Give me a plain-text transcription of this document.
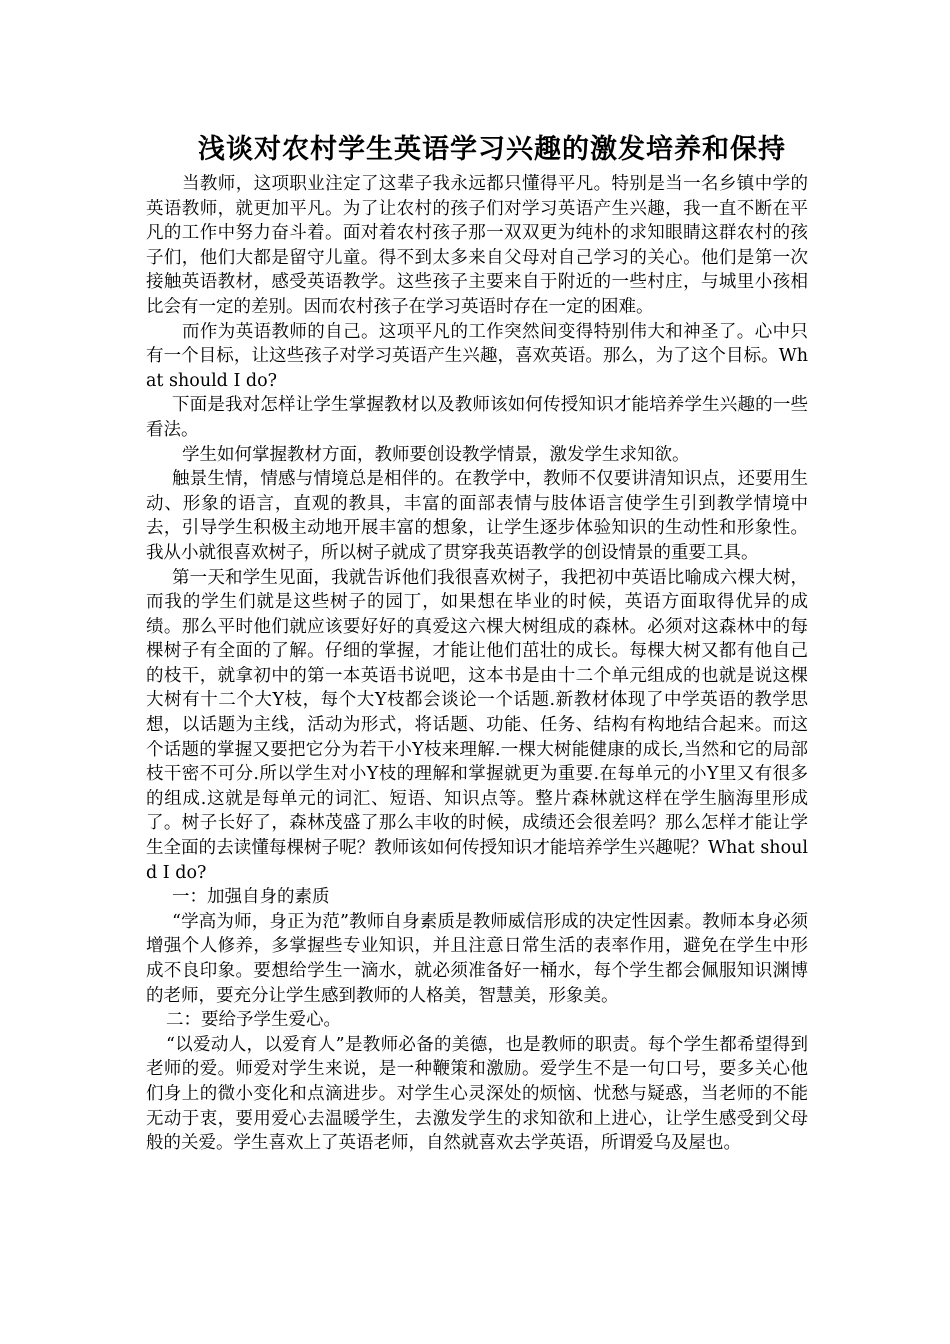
浅谈对农村学生英语学习兴趣的激发培养和保持

当教师，这项职业注定了这辈子我永远都只懂得平凡。特别是当一名乡镇中学的英语教师，就更加平凡。为了让农村的孩子们对学习英语产生兴趣，我一直不断在平凡的工作中努力奋斗着。面对着农村孩子那一双双更为纯朴的求知眼睛这群农村的孩子们，他们大都是留守儿童。得不到太多来自父母对自己学习的关心。他们是第一次接触英语教材，感受英语教学。这些孩子主要来自于附近的一些村庄，与城里小孩相比会有一定的差别。因而农村孩子在学习英语时存在一定的困难。

而作为英语教师的自己。这项平凡的工作突然间变得特别伟大和神圣了。心中只有一个目标，让这些孩子对学习英语产生兴趣，喜欢英语。那么，为了这个目标。What should I do?

下面是我对怎样让学生掌握教材以及教师该如何传授知识才能培养学生兴趣的一些看法。

学生如何掌握教材方面，教师要创设教学情景，激发学生求知欲。

触景生情，情感与情境总是相伴的。在教学中，教师不仅要讲清知识点，还要用生动、形象的语言，直观的教具，丰富的面部表情与肢体语言使学生引到教学情境中去，引导学生积极主动地开展丰富的想象，让学生逐步体验知识的生动性和形象性。我从小就很喜欢树子，所以树子就成了贯穿我英语教学的创设情景的重要工具。

第一天和学生见面，我就告诉他们我很喜欢树子，我把初中英语比喻成六棵大树，而我的学生们就是这些树子的园丁，如果想在毕业的时候，英语方面取得优异的成绩。那么平时他们就应该要好好的真爱这六棵大树组成的森林。必须对这森林中的每棵树子有全面的了解。仔细的掌握，才能让他们茁壮的成长。每棵大树又都有他自己的枝干，就拿初中的第一本英语书说吧，这本书是由十二个单元组成的也就是说这棵大树有十二个大Y枝，每个大Y枝都会谈论一个话题.新教材体现了中学英语的教学思想，以话题为主线，活动为形式，将话题、功能、任务、结构有构地结合起来。而这个话题的掌握又要把它分为若干小Y枝来理解.一棵大树能健康的成长,当然和它的局部枝干密不可分.所以学生对小Y枝的理解和掌握就更为重要.在每单元的小Y里又有很多的组成.这就是每单元的词汇、短语、知识点等。整片森林就这样在学生脑海里形成了。树子长好了，森林茂盛了那么丰收的时候，成绩还会很差吗？那么怎样才能让学生全面的去读懂每棵树子呢？教师该如何传授知识才能培养学生兴趣呢？What should I do?

一：加强自身的素质

“学高为师，身正为范”教师自身素质是教师威信形成的决定性因素。教师本身必须增强个人修养，多掌握些专业知识，并且注意日常生活的表率作用，避免在学生中形成不良印象。要想给学生一滴水，就必须准备好一桶水，每个学生都会佩服知识渊博的老师，要充分让学生感到教师的人格美，智慧美，形象美。

二：要给予学生爱心。

“以爱动人，以爱育人”是教师必备的美德，也是教师的职责。每个学生都希望得到老师的爱。师爱对学生来说，是一种鞭策和激励。爱学生不是一句口号，要多关心他们身上的微小变化和点滴进步。对学生心灵深处的烦恼、忧愁与疑惑，当老师的不能无动于衷，要用爱心去温暖学生，去激发学生的求知欲和上进心，让学生感受到父母般的关爱。学生喜欢上了英语老师，自然就喜欢去学英语，所谓爱乌及屋也。
